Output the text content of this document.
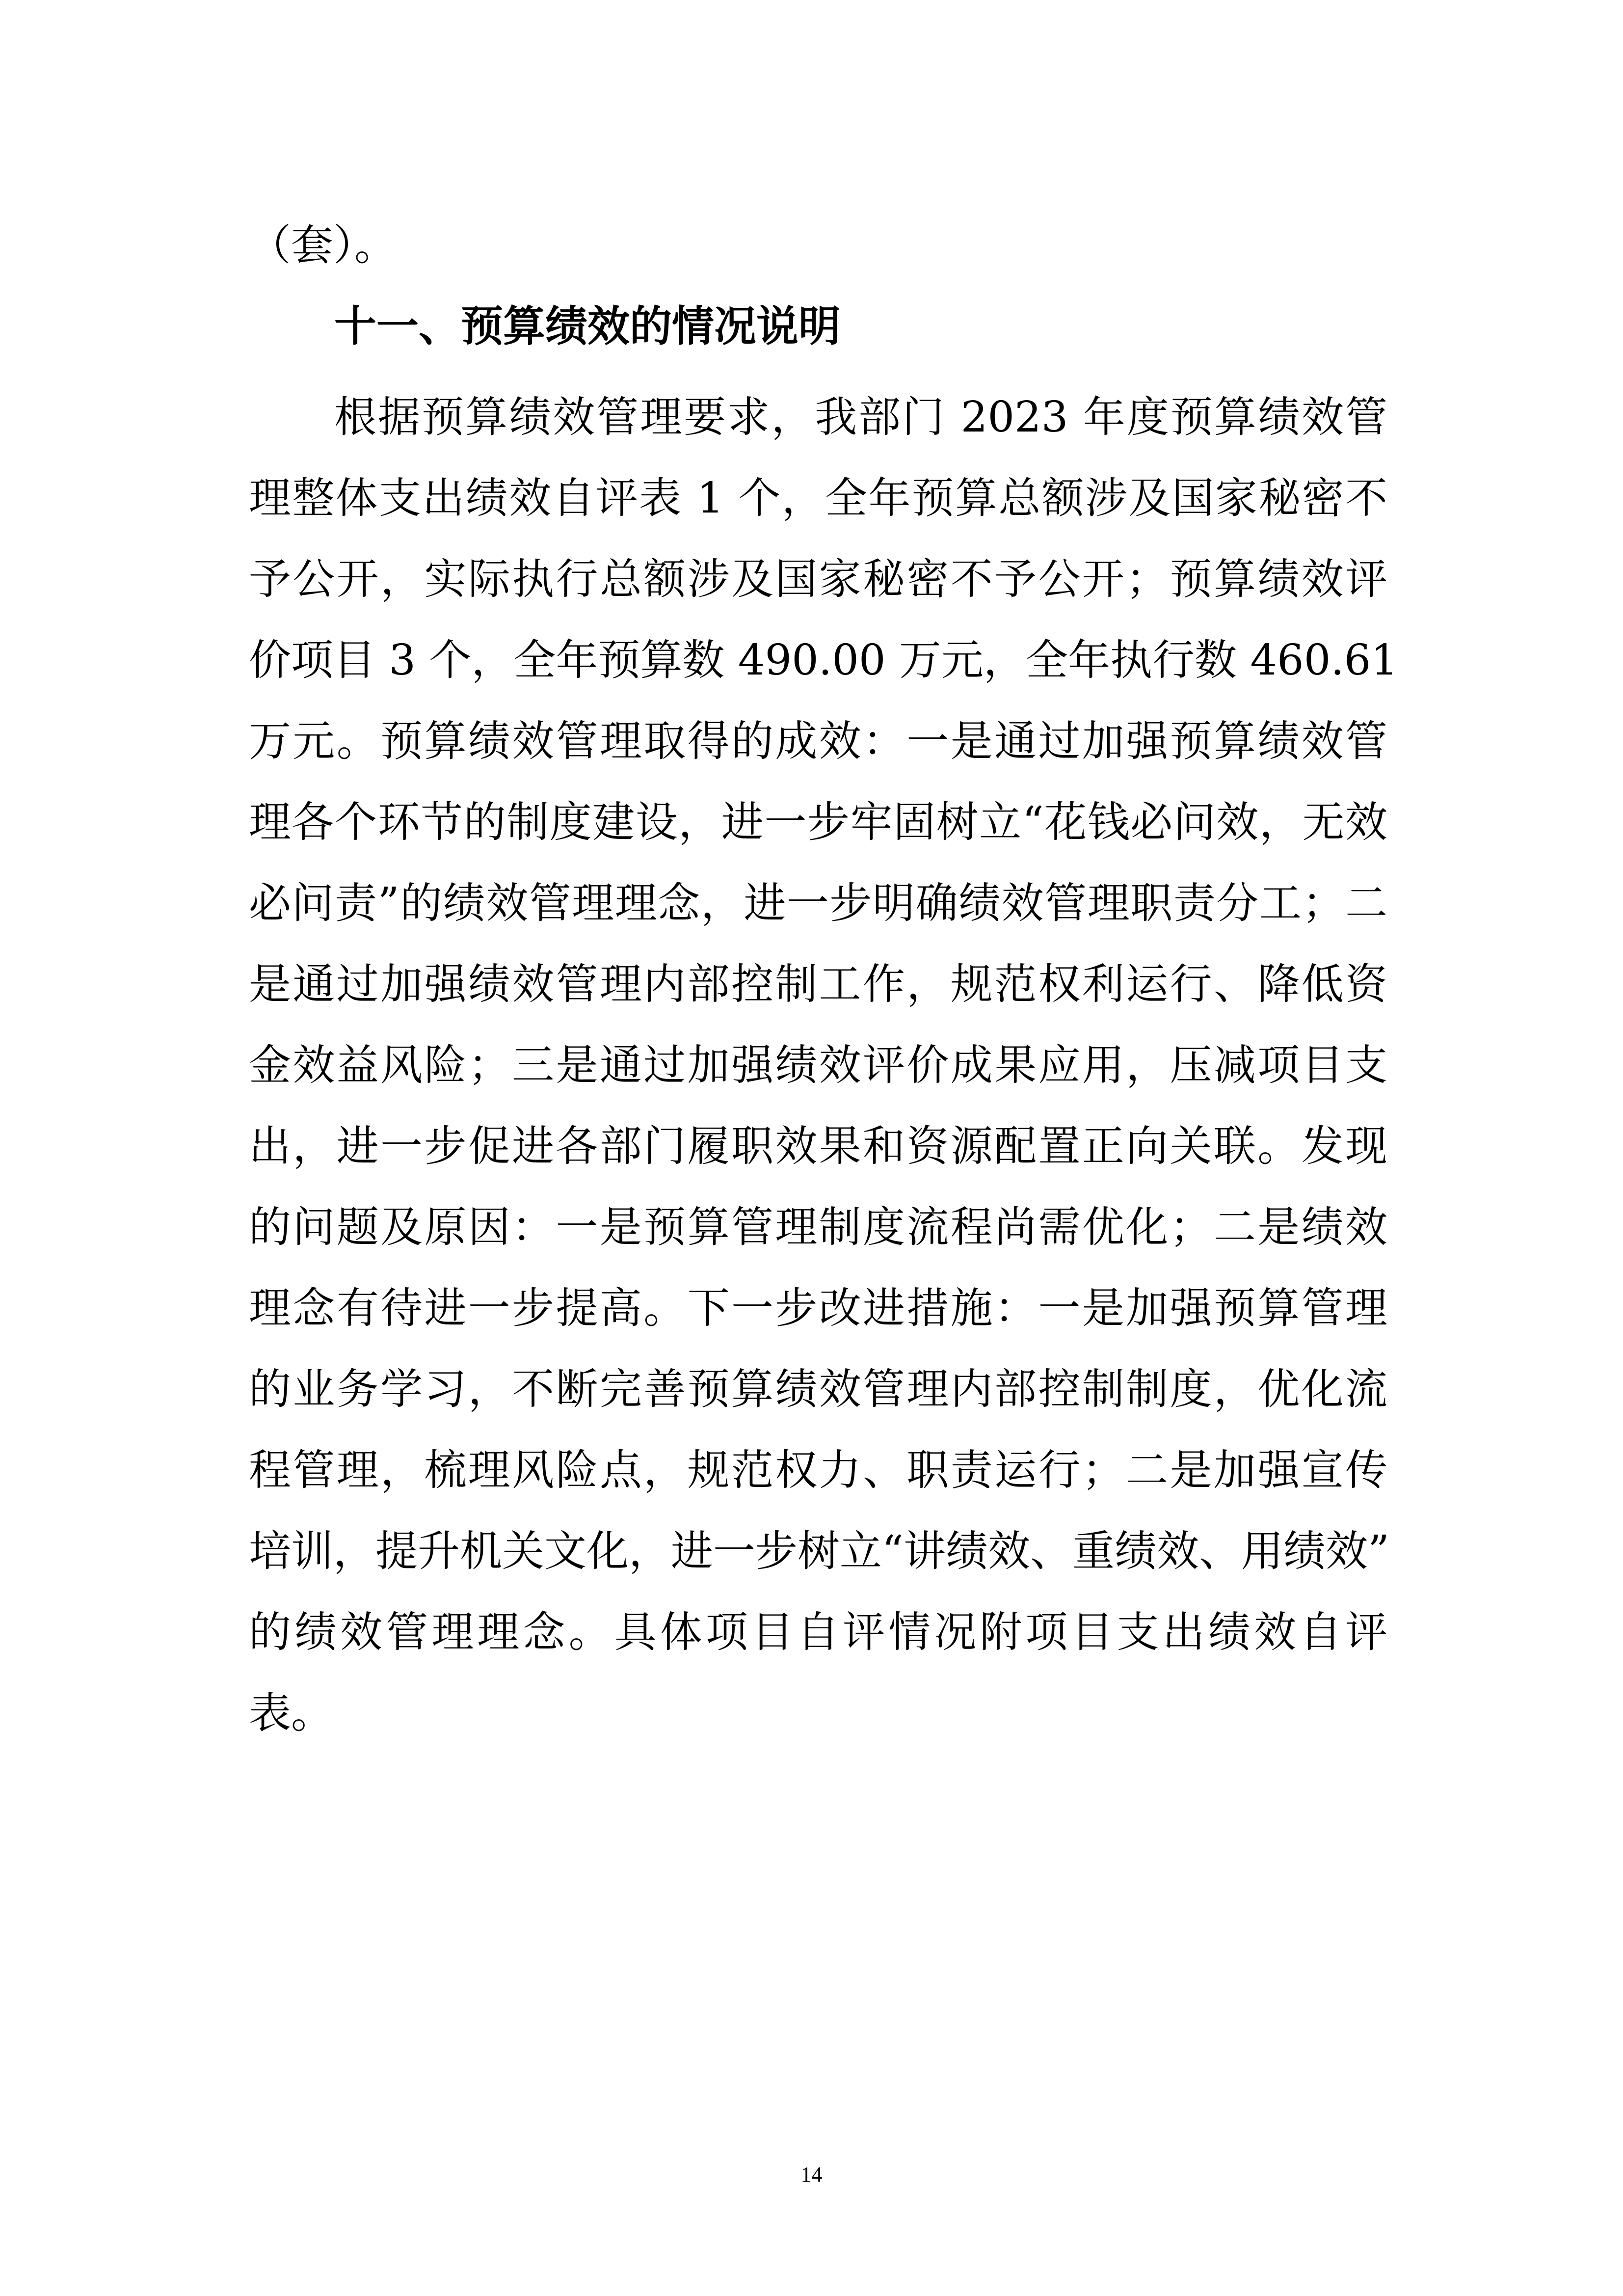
（套）。
十一、预算绩效的情况说明
根据预算绩效管理要求，我部门 2023 年度预算绩效管
理整体支出绩效自评表 1 个，全年预算总额涉及国家秘密不
予公开，实际执行总额涉及国家秘密不予公开；预算绩效评
价项目 3 个，全年预算数 490.00 万元，全年执行数 460.61
万元。预算绩效管理取得的成效：一是通过加强预算绩效管
理各个环节的制度建设，进一步牢固树立“花钱必问效，无效
必问责”的绩效管理理念，进一步明确绩效管理职责分工；二
是通过加强绩效管理内部控制工作，规范权利运行、降低资
金效益风险；三是通过加强绩效评价成果应用，压减项目支
出，进一步促进各部门履职效果和资源配置正向关联。发现
的问题及原因：一是预算管理制度流程尚需优化；二是绩效
理念有待进一步提高。下一步改进措施：一是加强预算管理
的业务学习，不断完善预算绩效管理内部控制制度，优化流
程管理，梳理风险点，规范权力、职责运行；二是加强宣传
培训，提升机关文化，进一步树立“讲绩效、重绩效、用绩效”
的绩效管理理念。具体项目自评情况附项目支出绩效自评
表。
14
